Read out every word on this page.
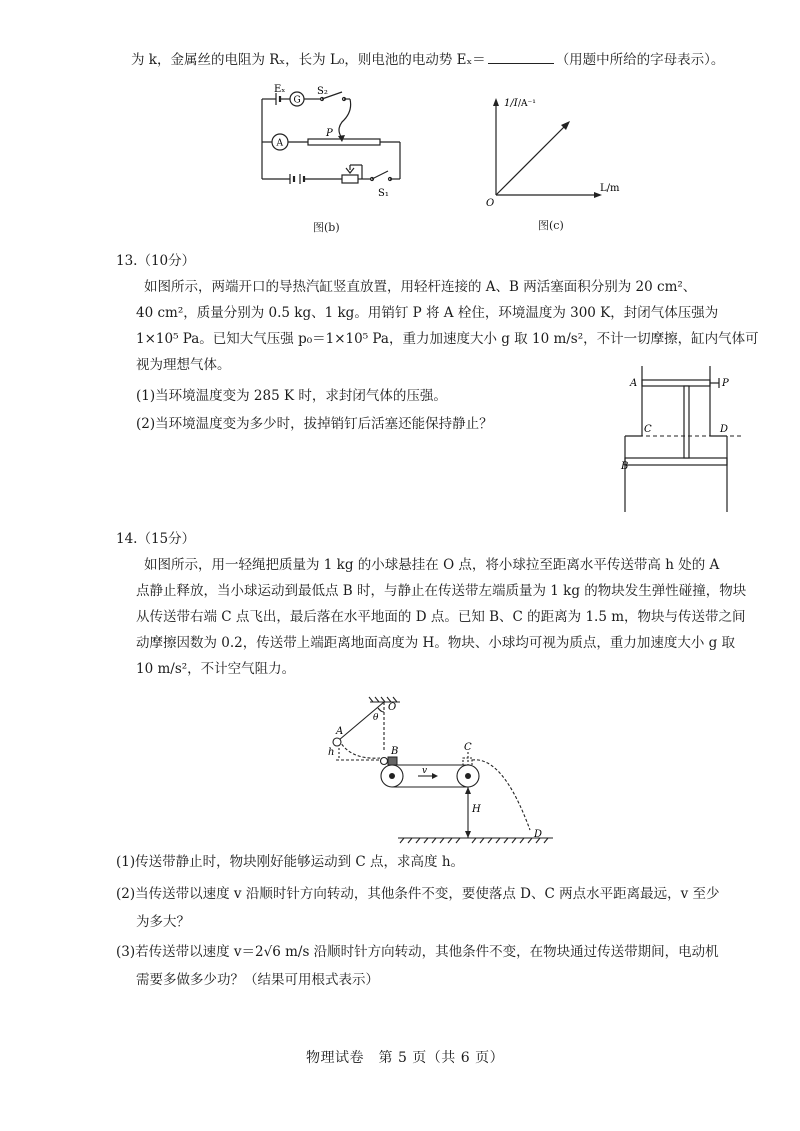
为 k，金属丝的电阻为 Rₓ，长为 L₀，则电池的电动势 Eₓ＝	（用题中所给的字母表示）。
Eₓ
G
S₂
P
A
S₁
图(b)
1/I /A⁻¹
L/m
O
图(c)
13.（10分）
如图所示，两端开口的导热汽缸竖直放置，用轻杆连接的 A、B 两活塞面积分别为 20 cm²、
40 cm²，质量分别为 0.5 kg、1 kg。用销钉 P 将 A 栓住，环境温度为 300 K，封闭气体压强为
1×10⁵ Pa。已知大气压强 p₀＝1×10⁵ Pa，重力加速度大小 g 取 10 m/s²，不计一切摩擦，缸内气体可
视为理想气体。
(1)当环境温度变为 285 K 时，求封闭气体的压强。
(2)当环境温度变为多少时，拔掉销钉后活塞还能保持静止？
A	P
C	D
B
14.（15分）
如图所示，用一轻绳把质量为 1 kg 的小球悬挂在 O 点，将小球拉至距离水平传送带高 h 处的 A
点静止释放，当小球运动到最低点 B 时，与静止在传送带左端质量为 1 kg 的物块发生弹性碰撞，物块
从传送带右端 C 点飞出，最后落在水平地面的 D 点。已知 B、C 的距离为 1.5 m，物块与传送带之间
动摩擦因数为 0.2，传送带上端距离地面高度为 H。物块、小球均可视为质点，重力加速度大小 g 取
10 m/s²，不计空气阻力。
O
θ
A
h	B	C
v
H
D
(1)传送带静止时，物块刚好能够运动到 C 点，求高度 h。
(2)当传送带以速度 v 沿顺时针方向转动，其他条件不变，要使落点 D、C 两点水平距离最远，v 至少
为多大？
(3)若传送带以速度 v＝2√6 m/s 沿顺时针方向转动，其他条件不变，在物块通过传送带期间，电动机
需要多做多少功？（结果可用根式表示）
物理试卷　第 5 页（共 6 页）
